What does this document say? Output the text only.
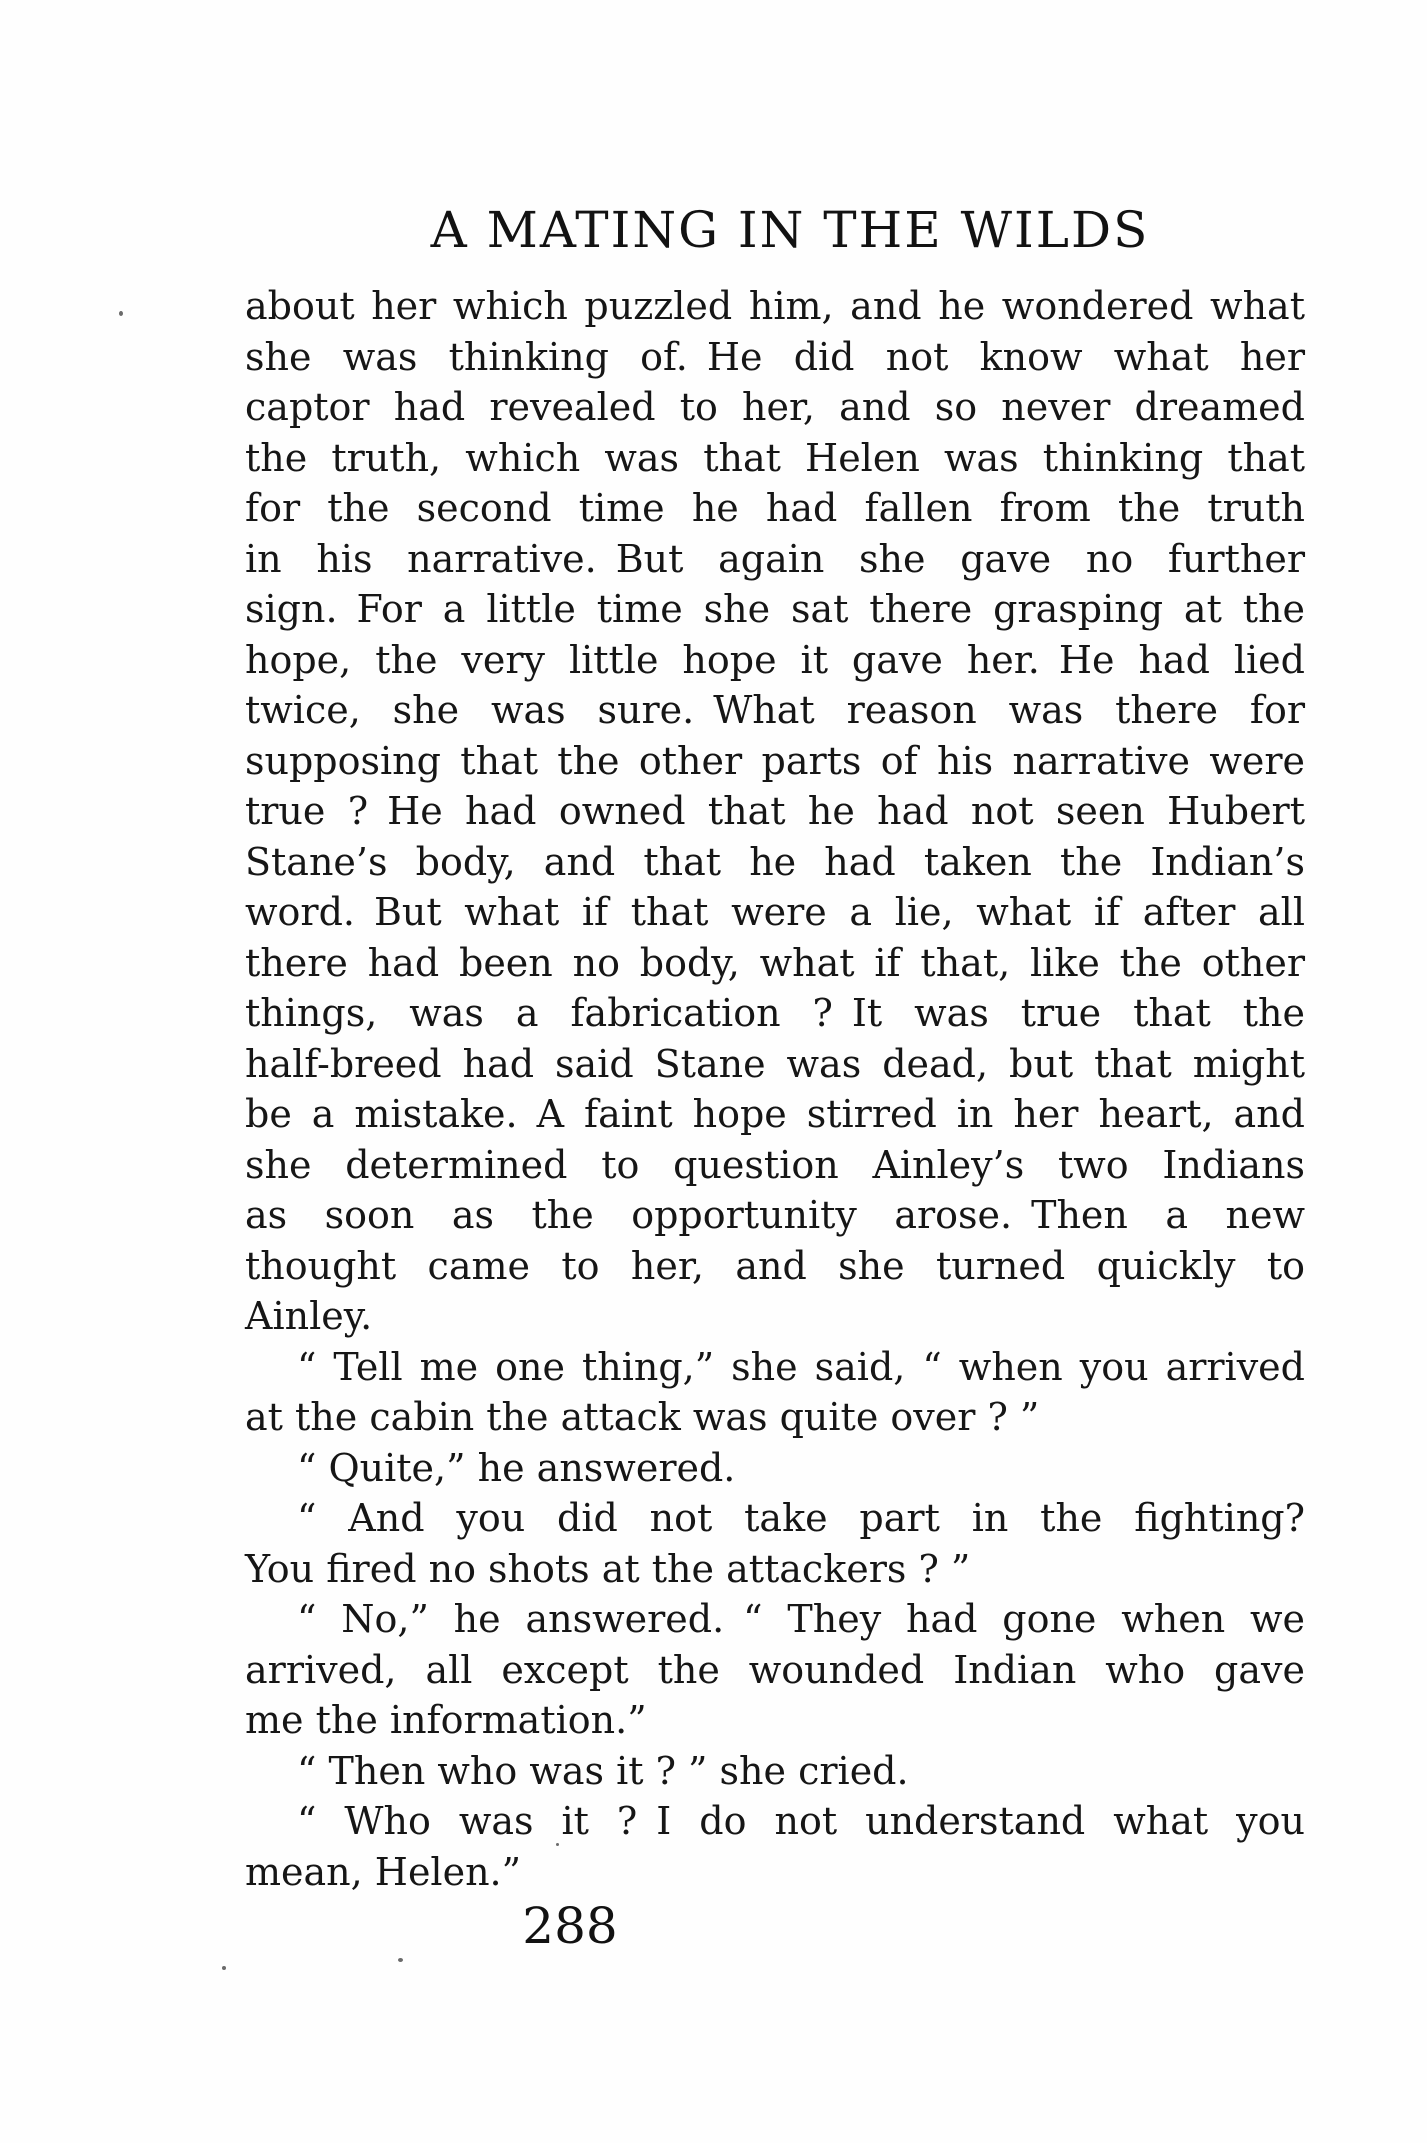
A MATING IN THE WILDS
about her which puzzled him, and he wondered what
she was thinking of. He did not know what her
captor had revealed to her, and so never dreamed
the truth, which was that Helen was thinking that
for the second time he had fallen from the truth
in his narrative. But again she gave no further
sign. For a little time she sat there grasping at the
hope, the very little hope it gave her. He had lied
twice, she was sure. What reason was there for
supposing that the other parts of his narrative were
true ? He had owned that he had not seen Hubert
Stane’s body, and that he had taken the Indian’s
word. But what if that were a lie, what if after all
there had been no body, what if that, like the other
things, was a fabrication ? It was true that the
half-breed had said Stane was dead, but that might
be a mistake. A faint hope stirred in her heart, and
she determined to question Ainley’s two Indians
as soon as the opportunity arose. Then a new
thought came to her, and she turned quickly to
Ainley.
“ Tell me one thing,” she said, “ when you arrived
at the cabin the attack was quite over ? ”
“ Quite,” he answered.
“ And you did not take part in the fighting?
You fired no shots at the attackers ? ”
“ No,” he answered. “ They had gone when we
arrived, all except the wounded Indian who gave
me the information.”
“ Then who was it ? ” she cried.
“ Who was it ? I do not understand what you
mean, Helen.”
288
